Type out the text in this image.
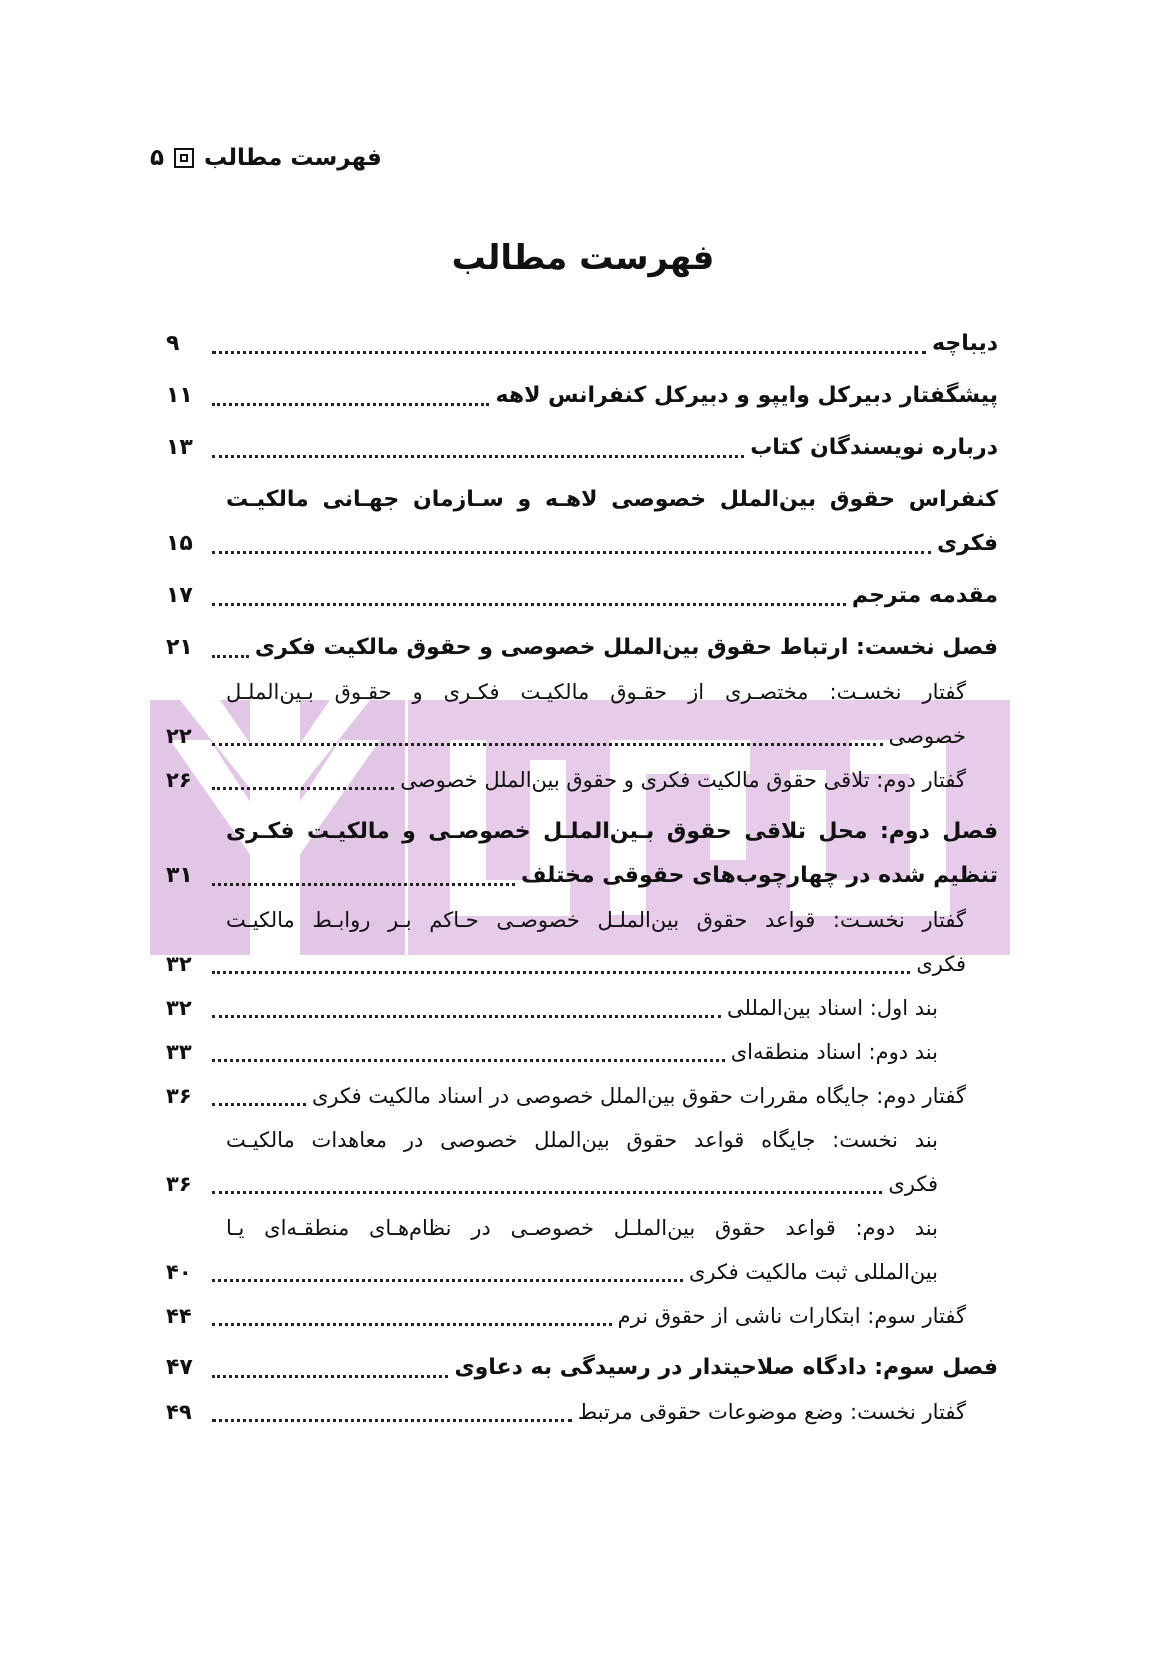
فهرست مطالب
۵
فهرست مطالب
دیباچه
۹
پیشگفتار دبیرکل وایپو و دبیرکل کنفرانس لاهه
۱۱
درباره نویسندگان کتاب
۱۳
کنفراس حقوق بین‌الملل خصوصی لاهـه و سـازمان جهـانی مالکیـت
فکری
۱۵
مقدمه مترجم
۱۷
فصل نخست: ارتباط حقوق بین‌الملل خصوصی و حقوق مالکیت فکری
۲۱
گفتار نخسـت: مختصـری از حقـوق مالکیـت فکـری و حقـوق بـین‌الملـل
خصوصی
۲۲
گفتار دوم: تلاقی حقوق مالکیت فکری و حقوق بین‌الملل خصوصی
۲۶
فصل دوم: محل تلاقی حقوق بـین‌الملـل خصوصـی و مالکیـت فکـری
تنظیم شده در چهارچوب‌های حقوقی مختلف
۳۱
گفتار نخسـت: قواعد حقوق بین‌الملـل خصوصـی حـاکم بـر روابـط مالکیـت
فکری
۳۲
بند اول: اسناد بین‌المللی
۳۲
بند دوم: اسناد منطقه‌ای
۳۳
گفتار دوم: جایگاه مقررات حقوق بین‌الملل خصوصی در اسناد مالکیت فکری
۳۶
بند نخست: جایگاه قواعد حقوق بین‌الملل خصوصی در معاهدات مالکیـت
فکری
۳۶
بند دوم: قواعد حقوق بین‌الملـل خصوصـی در نظام‌هـای منطقـه‌ای یـا
بین‌المللی ثبت مالکیت فکری
۴۰
گفتار سوم: ابتکارات ناشی از حقوق نرم
۴۴
فصل سوم: دادگاه صلاحیتدار در رسیدگی به دعاوی
۴۷
گفتار نخست: وضع موضوعات حقوقی مرتبط
۴۹
